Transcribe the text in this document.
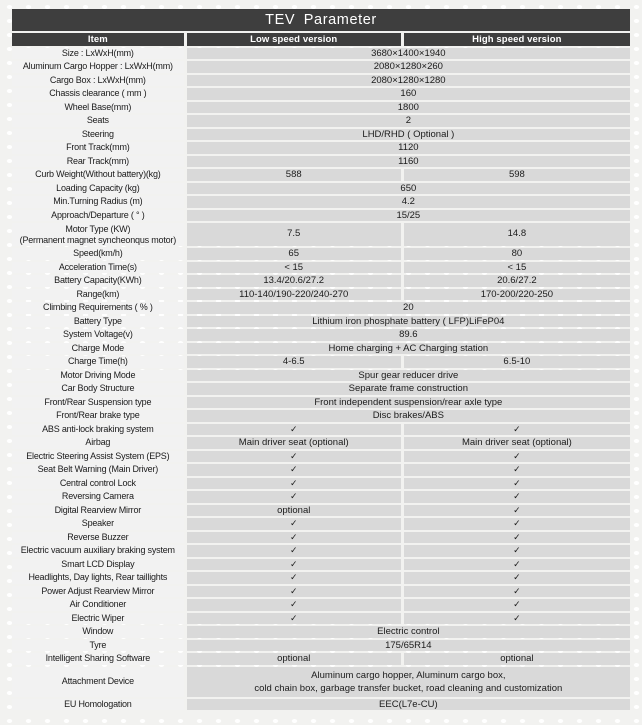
TEV Parameter
Item	Low speed version	High speed version
Size : LxWxH(mm)	3680×1400×1940	
Aluminum Cargo Hopper : LxWxH(mm)	2080×1280×260	
Cargo Box : LxWxH(mm)	2080×1280×1280	
Chassis clearance ( mm )	160	
Wheel Base(mm)	1800	
Seats	2	
Steering	LHD/RHD ( Optional )	
Front Track(mm)	1120	
Rear Track(mm)	1160	
Curb Weight(Without battery)(kg)	588	598
Loading Capacity (kg)	650	
Min.Turning Radius (m)	4.2	
Approach/Departure ( ° )	15/25	

Motor Type (KW)
(Permanent magnet syncheonqus motor)	7.5	14.8
Speed(km/h)	65	80
Acceleration Time(s)	< 15	< 15
Battery Capacity(KWh)	13.4/20.6/27.2	20.6/27.2
Range(km)	110-140/190-220/240-270	170-200/220-250
Climbing Requirements ( % )	20	
Battery Type	Lithium iron phosphate battery ( LFP)LiFeP04	
System Voltage(v)	89.6	
Charge Mode	Home charging + AC Charging station	
Charge Time(h)	4-6.5	6.5-10
Motor Driving Mode	Spur gear reducer drive	
Car Body Structure	Separate frame construction	
Front/Rear Suspension type	Front independent suspension/rear axle type	
Front/Rear brake type	Disc brakes/ABS	
ABS anti-lock braking system	✓	✓
Airbag	Main driver seat (optional)	Main driver seat (optional)
Electric Steering Assist System (EPS)	✓	✓
Seat Belt Warning (Main Driver)	✓	✓
Central control Lock	✓	✓
Reversing Camera	✓	✓
Digital Rearview Mirror	optional	✓
Speaker	✓	✓
Reverse Buzzer	✓	✓
Electric vacuum auxiliary braking system	✓	✓
Smart LCD Display	✓	✓
Headlights, Day lights, Rear taillights	✓	✓
Power Adjust Rearview Mirror	✓	✓
Air Conditioner	✓	✓
Electric Wiper	✓	✓
Window	Electric control	
Tyre	175/65R14	
Intelligent Sharing Software	optional	optional
Attachment Device	Aluminum cargo hopper, Aluminum cargo box,
cold chain box, garbage transfer bucket, road cleaning and customization	

EU Homologation	EEC(L7e-CU)	
